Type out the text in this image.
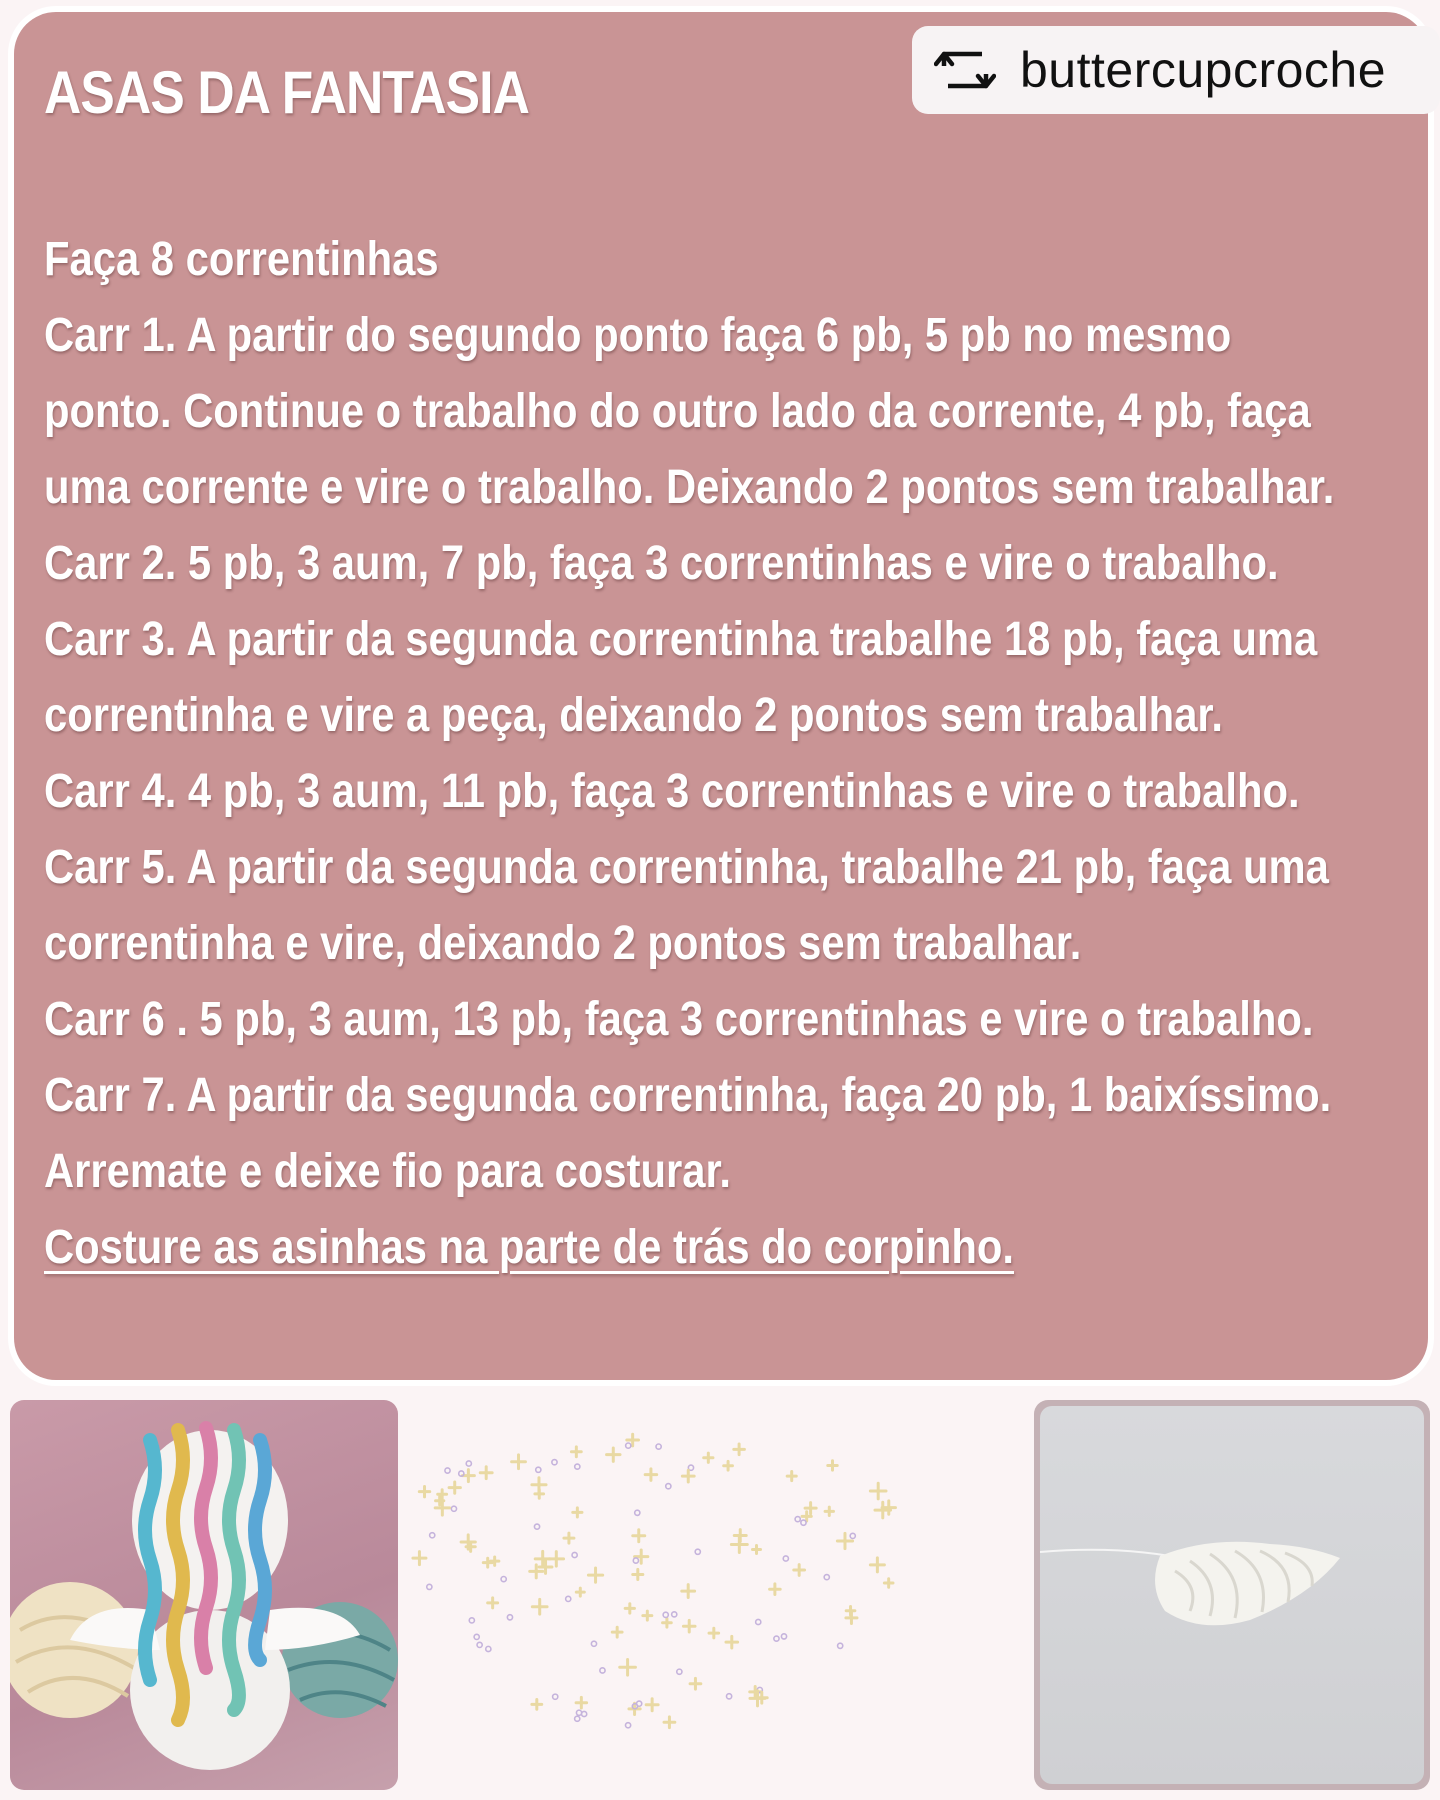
buttercupcroche
ASAS DA FANTASIA
Faça 8 correntinhas
Carr 1. A partir do segundo ponto faça 6 pb, 5 pb no mesmo
ponto. Continue o trabalho do outro lado da corrente, 4 pb, faça
uma corrente e vire o trabalho. Deixando 2 pontos sem trabalhar.
Carr 2. 5 pb, 3 aum, 7 pb, faça 3 correntinhas e vire o trabalho.
Carr 3. A partir da segunda correntinha trabalhe 18 pb, faça uma
correntinha e vire a peça, deixando 2 pontos sem trabalhar.
Carr 4. 4 pb, 3 aum, 11 pb, faça 3 correntinhas e vire o trabalho.
Carr 5. A partir da segunda correntinha, trabalhe 21 pb, faça uma
correntinha e vire, deixando 2 pontos sem trabalhar.
Carr 6 . 5 pb, 3 aum, 13 pb, faça 3 correntinhas e vire o trabalho.
Carr 7. A partir da segunda correntinha, faça 20 pb, 1 baixíssimo.
Arremate e deixe fio para costurar.
Costure as asinhas na parte de trás do corpinho.
